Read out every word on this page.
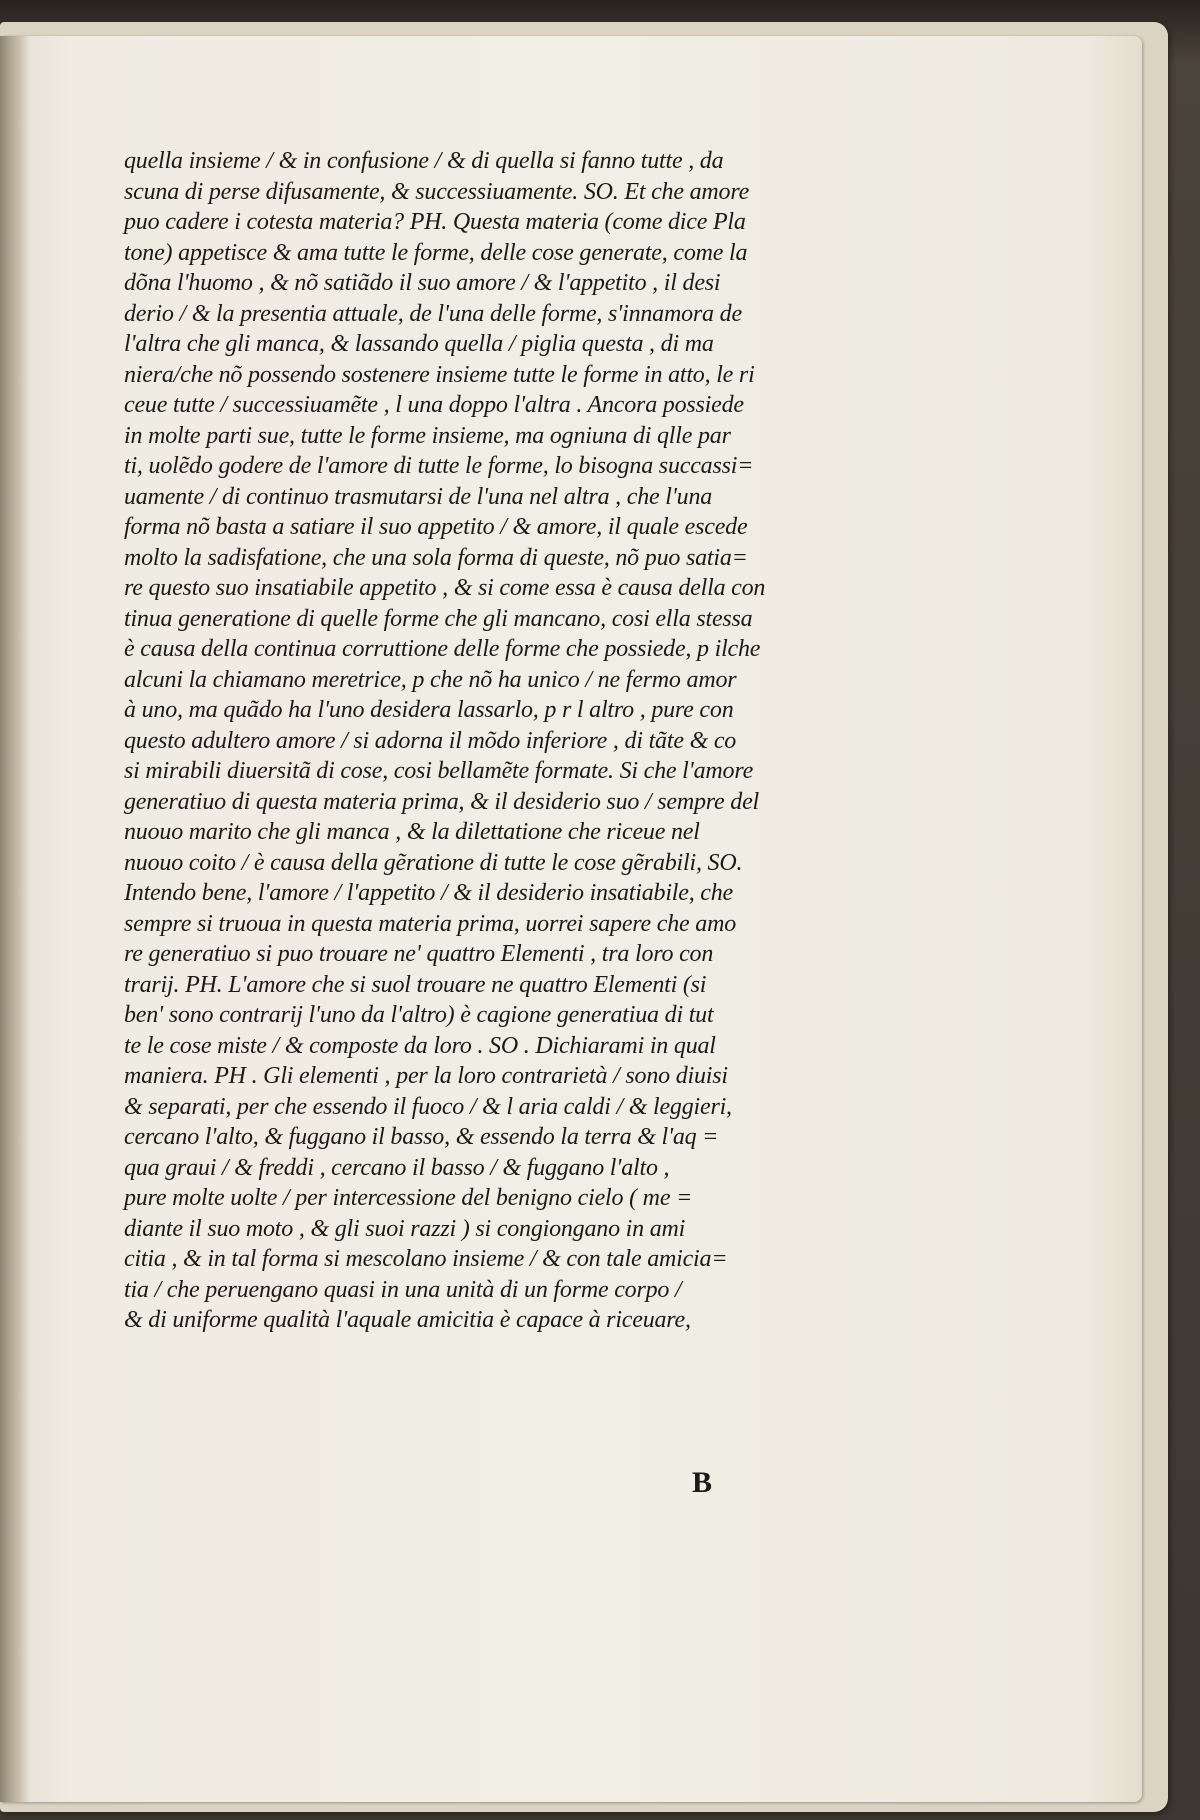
quella insieme / & in confusione / & di quella si fanno tutte , da
scuna di perse difusamente, & successiuamente. SO. Et che amore
puo cadere i cotesta materia? PH. Questa materia (come dice Pla
tone) appetisce & ama tutte le forme, delle cose generate, come la
dõna l'huomo , & nõ satiãdo il suo amore / & l'appetito , il desi
derio / & la presentia attuale, de l'una delle forme, s'innamora de
l'altra che gli manca, & lassando quella / piglia questa , di ma
niera/che nõ possendo sostenere insieme tutte le forme in atto, le ri
ceue tutte / successiuamẽte , l una doppo l'altra . Ancora possiede
in molte parti sue, tutte le forme insieme, ma ogniuna di qlle par
ti, uolẽdo godere de l'amore di tutte le forme, lo bisogna succassi=
uamente / di continuo trasmutarsi de l'una nel altra , che l'una
forma nõ basta a satiare il suo appetito / & amore, il quale escede
molto la sadisfatione, che una sola forma di queste, nõ puo satia=
re questo suo insatiabile appetito , & si come essa è causa della con
tinua generatione di quelle forme che gli mancano, cosi ella stessa
è causa della continua corruttione delle forme che possiede, p ilche
alcuni la chiamano meretrice, p che nõ ha unico / ne fermo amor
à uno, ma quãdo ha l'uno desidera lassarlo, p r l altro , pure con
questo adultero amore / si adorna il mõdo inferiore , di tãte & co
si mirabili diuersitã di cose, cosi bellamẽte formate. Si che l'amore
generatiuo di questa materia prima, & il desiderio suo / sempre del
nuouo marito che gli manca , & la dilettatione che riceue nel
nuouo coito / è causa della gẽratione di tutte le cose gẽrabili, SO.
Intendo bene, l'amore / l'appetito / & il desiderio insatiabile, che
sempre si truoua in questa materia prima, uorrei sapere che amo
re generatiuo si puo trouare ne' quattro Elementi , tra loro con
trarij. PH. L'amore che si suol trouare ne quattro Elementi (si
ben' sono contrarij l'uno da l'altro) è cagione generatiua di tut
te le cose miste / & composte da loro . SO . Dichiarami in qual
maniera. PH . Gli elementi , per la loro contrarietà / sono diuisi
& separati, per che essendo il fuoco / & l aria caldi / & leggieri,
cercano l'alto, & fuggano il basso, & essendo la terra & l'aq =
qua graui / & freddi , cercano il basso / & fuggano l'alto ,
pure molte uolte / per intercessione del benigno cielo ( me =
diante il suo moto , & gli suoi razzi ) si congiongano in ami
citia , & in tal forma si mescolano insieme / & con tale amicia=
tia / che peruengano quasi in una unità di un forme corpo /
& di uniforme qualità l'aquale amicitia è capace à riceuare,
B
